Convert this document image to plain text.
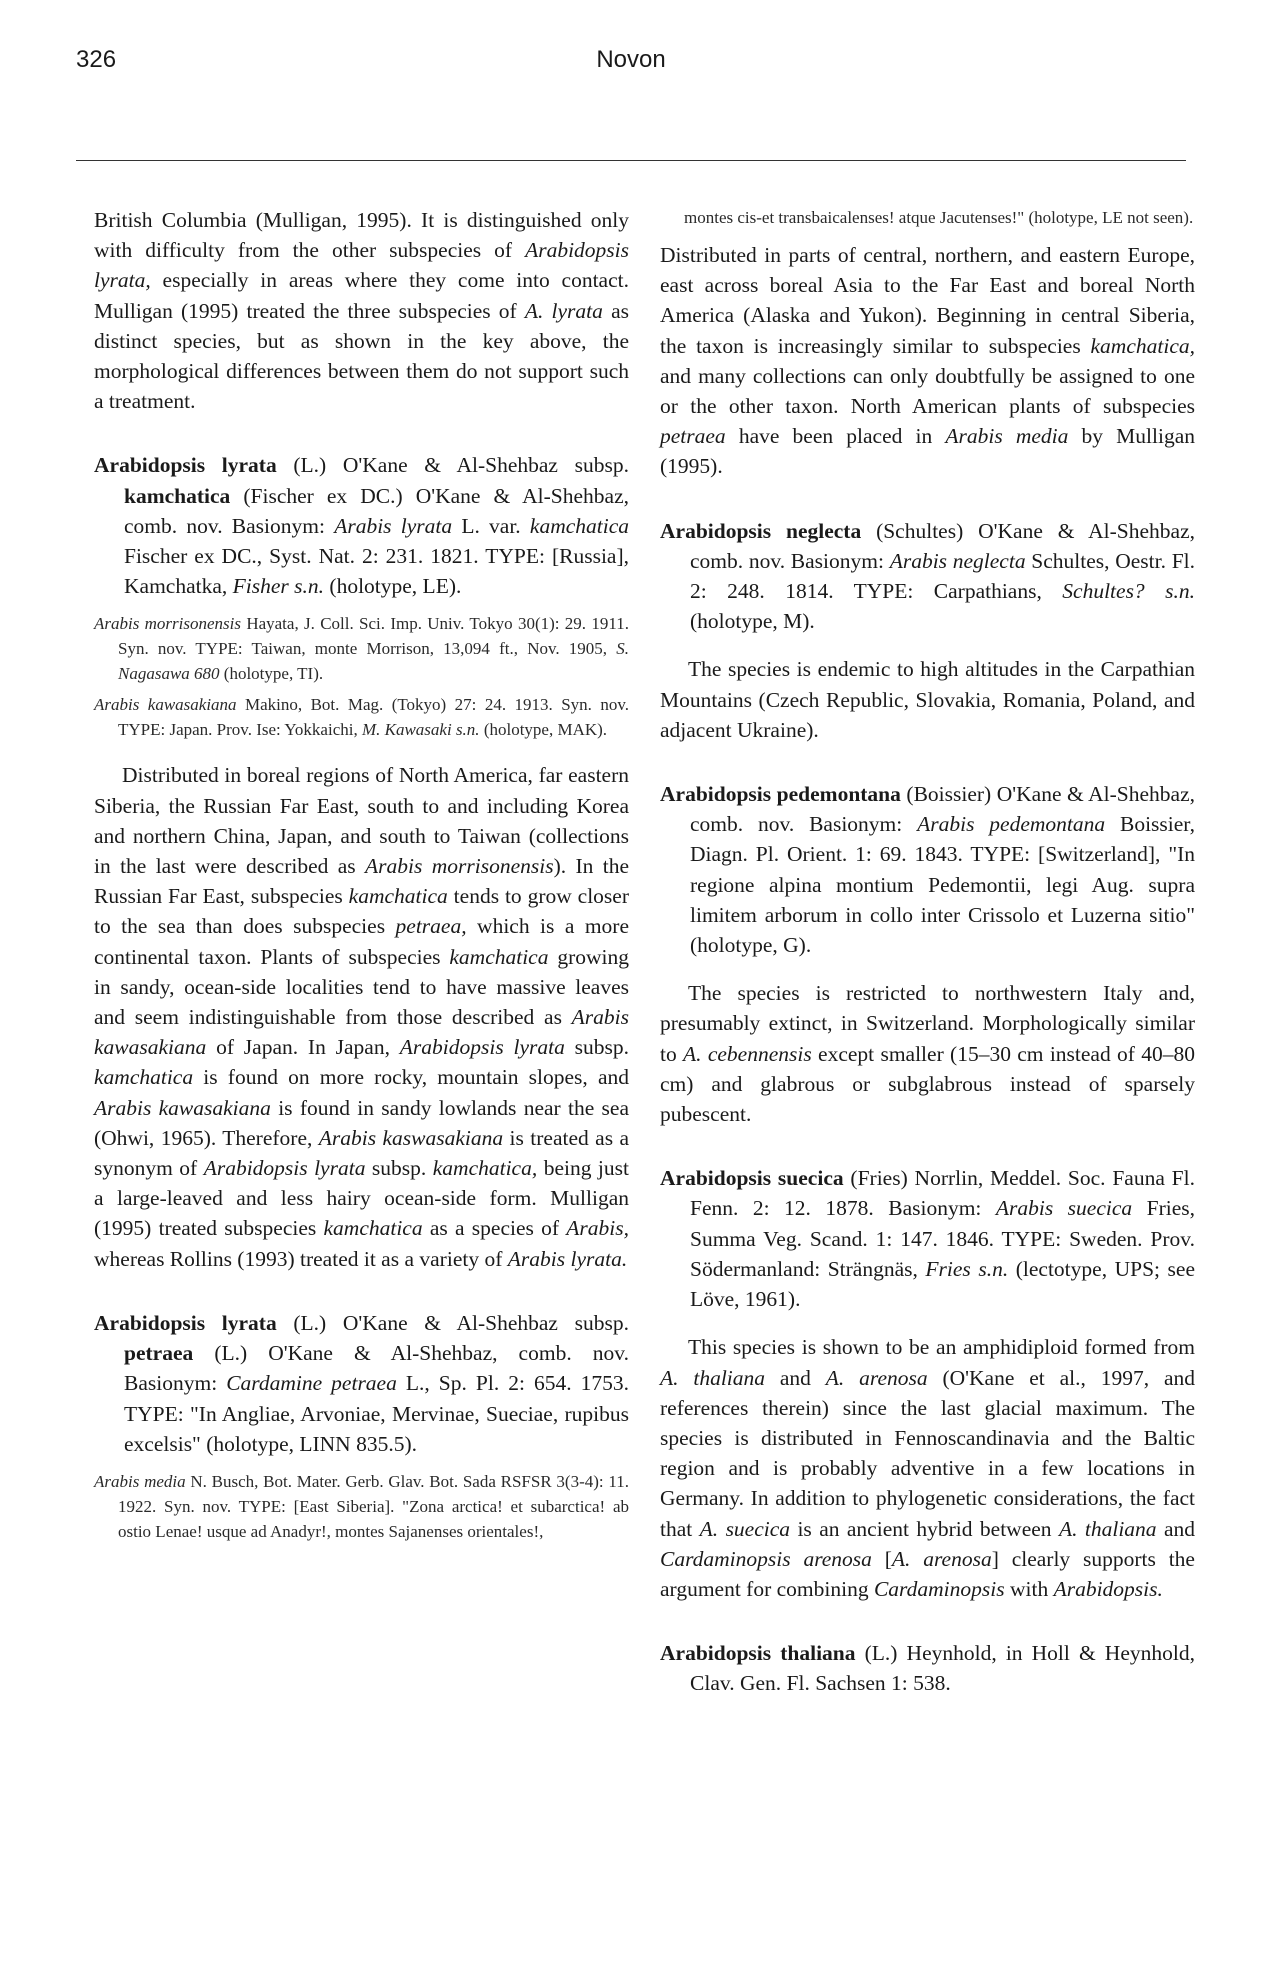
326	Novon

British Columbia (Mulligan, 1995). It is distinguished only with difficulty from the other subspecies of Arabidopsis lyrata, especially in areas where they come into contact. Mulligan (1995) treated the three subspecies of A. lyrata as distinct species, but as shown in the key above, the morphological differences between them do not support such a treatment.

Arabidopsis lyrata (L.) O'Kane & Al-Shehbaz subsp. kamchatica (Fischer ex DC.) O'Kane & Al-Shehbaz, comb. nov. Basionym: Arabis lyrata L. var. kamchatica Fischer ex DC., Syst. Nat. 2: 231. 1821. TYPE: [Russia], Kamchatka, Fisher s.n. (holotype, LE).

Arabis morrisonensis Hayata, J. Coll. Sci. Imp. Univ. Tokyo 30(1): 29. 1911. Syn. nov. TYPE: Taiwan, monte Morrison, 13,094 ft., Nov. 1905, S. Nagasawa 680 (holotype, TI).

Arabis kawasakiana Makino, Bot. Mag. (Tokyo) 27: 24. 1913. Syn. nov. TYPE: Japan. Prov. Ise: Yokkaichi, M. Kawasaki s.n. (holotype, MAK).

Distributed in boreal regions of North America, far eastern Siberia, the Russian Far East, south to and including Korea and northern China, Japan, and south to Taiwan (collections in the last were described as Arabis morrisonensis). In the Russian Far East, subspecies kamchatica tends to grow closer to the sea than does subspecies petraea, which is a more continental taxon. Plants of subspecies kamchatica growing in sandy, ocean-side localities tend to have massive leaves and seem indistinguishable from those described as Arabis kawasakiana of Japan. In Japan, Arabidopsis lyrata subsp. kamchatica is found on more rocky, mountain slopes, and Arabis kawasakiana is found in sandy lowlands near the sea (Ohwi, 1965). Therefore, Arabis kaswasakiana is treated as a synonym of Arabidopsis lyrata subsp. kamchatica, being just a large-leaved and less hairy ocean-side form. Mulligan (1995) treated subspecies kamchatica as a species of Arabis, whereas Rollins (1993) treated it as a variety of Arabis lyrata.

Arabidopsis lyrata (L.) O'Kane & Al-Shehbaz subsp. petraea (L.) O'Kane & Al-Shehbaz, comb. nov. Basionym: Cardamine petraea L., Sp. Pl. 2: 654. 1753. TYPE: "In Angliae, Arvoniae, Mervinae, Sueciae, rupibus excelsis" (holotype, LINN 835.5).

Arabis media N. Busch, Bot. Mater. Gerb. Glav. Bot. Sada RSFSR 3(3-4): 11. 1922. Syn. nov. TYPE: [East Siberia]. "Zona arctica! et subarctica! ab ostio Lenae! usque ad Anadyr!, montes Sajanenses orientales!,

montes cis-et transbaicalenses! atque Jacutenses!" (holotype, LE not seen).

Distributed in parts of central, northern, and eastern Europe, east across boreal Asia to the Far East and boreal North America (Alaska and Yukon). Beginning in central Siberia, the taxon is increasingly similar to subspecies kamchatica, and many collections can only doubtfully be assigned to one or the other taxon. North American plants of subspecies petraea have been placed in Arabis media by Mulligan (1995).

Arabidopsis neglecta (Schultes) O'Kane & Al-Shehbaz, comb. nov. Basionym: Arabis neglecta Schultes, Oestr. Fl. 2: 248. 1814. TYPE: Carpathians, Schultes? s.n. (holotype, M).

The species is endemic to high altitudes in the Carpathian Mountains (Czech Republic, Slovakia, Romania, Poland, and adjacent Ukraine).

Arabidopsis pedemontana (Boissier) O'Kane & Al-Shehbaz, comb. nov. Basionym: Arabis pedemontana Boissier, Diagn. Pl. Orient. 1: 69. 1843. TYPE: [Switzerland], "In regione alpina montium Pedemontii, legi Aug. supra limitem arborum in collo inter Crissolo et Luzerna sitio" (holotype, G).

The species is restricted to northwestern Italy and, presumably extinct, in Switzerland. Morphologically similar to A. cebennensis except smaller (15–30 cm instead of 40–80 cm) and glabrous or subglabrous instead of sparsely pubescent.

Arabidopsis suecica (Fries) Norrlin, Meddel. Soc. Fauna Fl. Fenn. 2: 12. 1878. Basionym: Arabis suecica Fries, Summa Veg. Scand. 1: 147. 1846. TYPE: Sweden. Prov. Södermanland: Strängnäs, Fries s.n. (lectotype, UPS; see Löve, 1961).

This species is shown to be an amphidiploid formed from A. thaliana and A. arenosa (O'Kane et al., 1997, and references therein) since the last glacial maximum. The species is distributed in Fennoscandinavia and the Baltic region and is probably adventive in a few locations in Germany. In addition to phylogenetic considerations, the fact that A. suecica is an ancient hybrid between A. thaliana and Cardaminopsis arenosa [A. arenosa] clearly supports the argument for combining Cardaminopsis with Arabidopsis.

Arabidopsis thaliana (L.) Heynhold, in Holl & Heynhold, Clav. Gen. Fl. Sachsen 1: 538.
